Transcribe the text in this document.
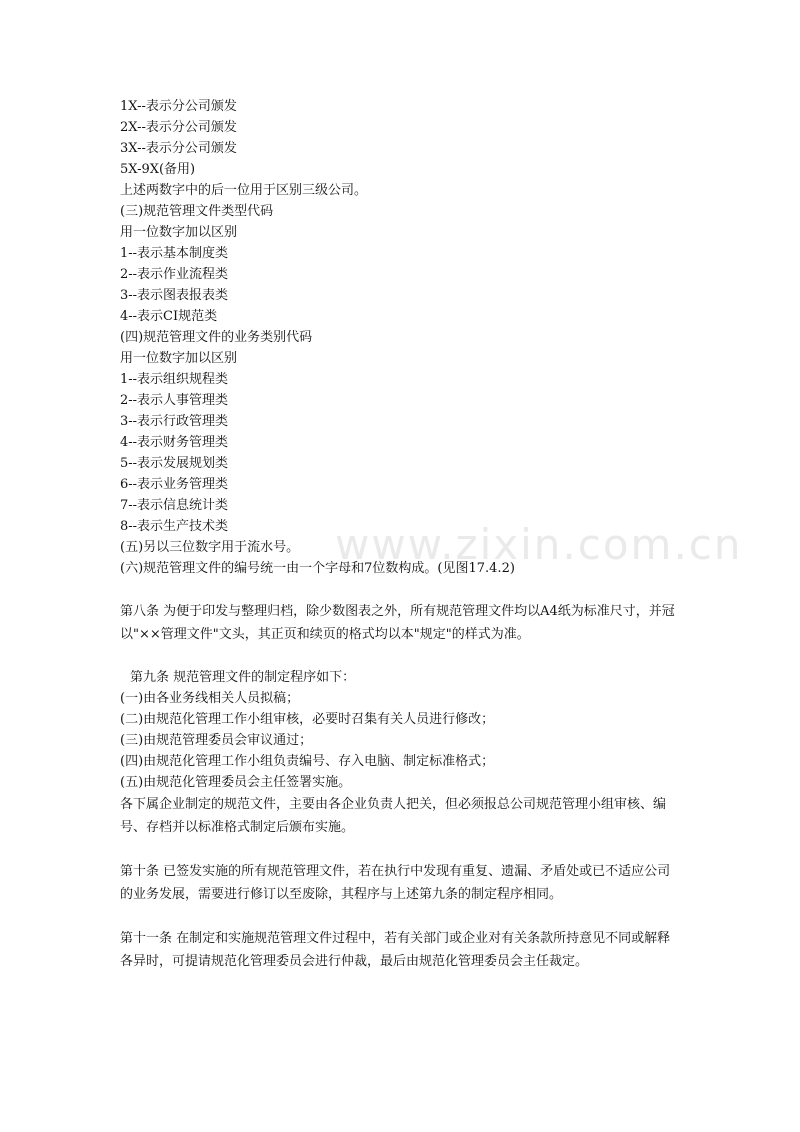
1X--表示分公司颁发
2X--表示分公司颁发
3X--表示分公司颁发
5X-9X(备用)
上述两数字中的后一位用于区别三级公司。
(三)规范管理文件类型代码
用一位数字加以区别
1--表示基本制度类
2--表示作业流程类
3--表示图表报表类
4--表示CI规范类
(四)规范管理文件的业务类别代码
用一位数字加以区别
1--表示组织规程类
2--表示人事管理类
3--表示行政管理类
4--表示财务管理类
5--表示发展规划类
6--表示业务管理类
7--表示信息统计类
8--表示生产技术类
(五)另以三位数字用于流水号。
(六)规范管理文件的编号统一由一个字母和7位数构成。(见图17.4.2)
第八条 为便于印发与整理归档，除少数图表之外，所有规范管理文件均以A4纸为标准尺寸，并冠以"××管理文件"文头，其正页和续页的格式均以本"规定"的样式为准。
第九条 规范管理文件的制定程序如下：
(一)由各业务线相关人员拟稿；
(二)由规范化管理工作小组审核，必要时召集有关人员进行修改；
(三)由规范管理委员会审议通过；
(四)由规范化管理工作小组负责编号、存入电脑、制定标准格式；
(五)由规范化管理委员会主任签署实施。
各下属企业制定的规范文件，主要由各企业负责人把关，但必须报总公司规范管理小组审核、编号、存档并以标准格式制定后颁布实施。
第十条 已签发实施的所有规范管理文件，若在执行中发现有重复、遗漏、矛盾处或已不适应公司的业务发展，需要进行修订以至废除，其程序与上述第九条的制定程序相同。
第十一条 在制定和实施规范管理文件过程中，若有关部门或企业对有关条款所持意见不同或解释各异时，可提请规范化管理委员会进行仲裁，最后由规范化管理委员会主任裁定。
www.zixin.com.cn
